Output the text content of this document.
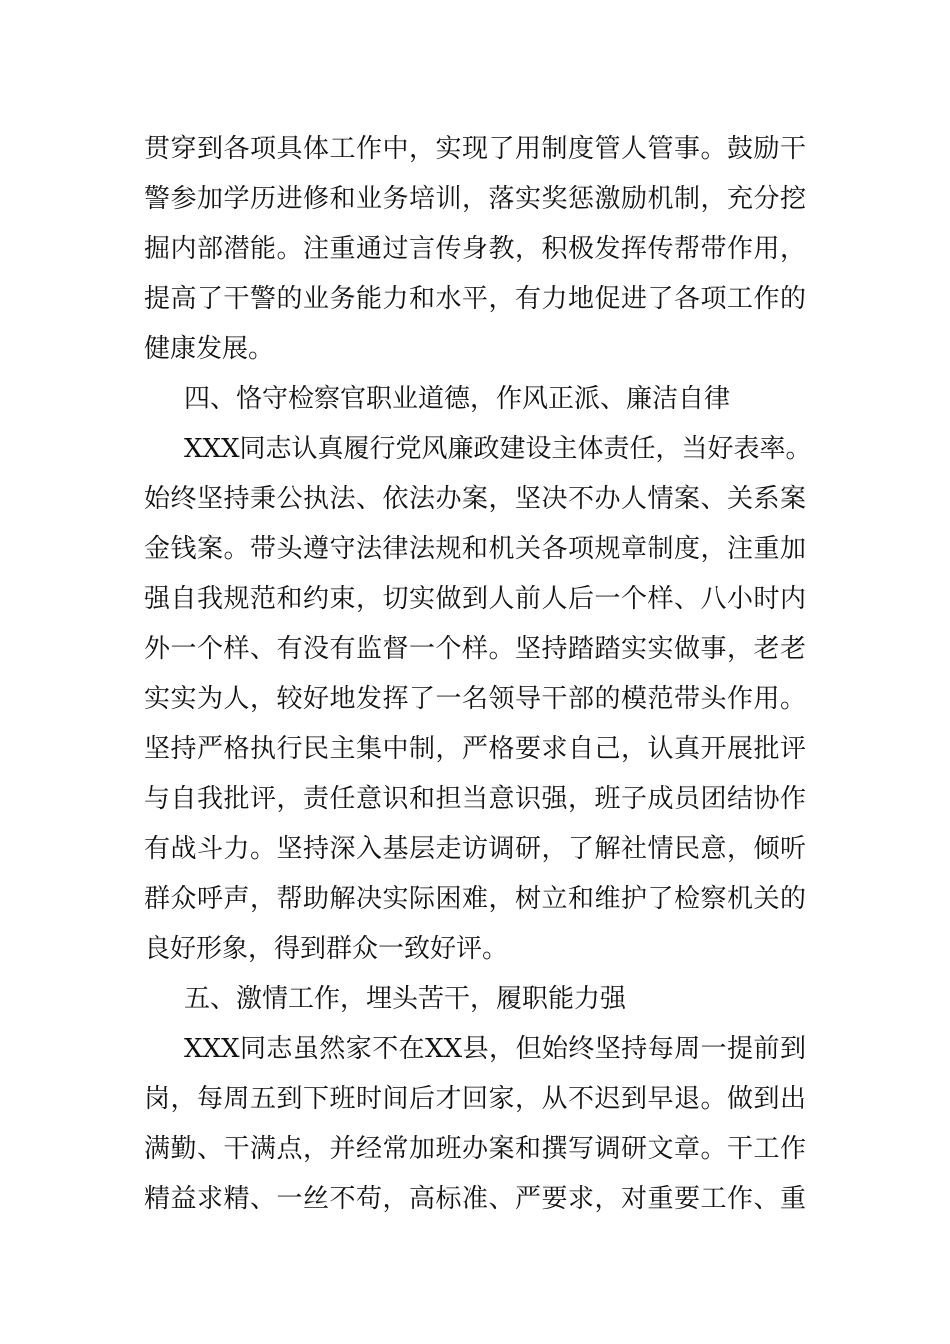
贯穿到各项具体工作中，实现了用制度管人管事。鼓励干
警参加学历进修和业务培训，落实奖惩激励机制，充分挖
掘内部潜能。注重通过言传身教，积极发挥传帮带作用，
提高了干警的业务能力和水平，有力地促进了各项工作的
健康发展。
四、恪守检察官职业道德，作风正派、廉洁自律
XXX同志认真履行党风廉政建设主体责任，当好表率。
始终坚持秉公执法、依法办案，坚决不办人情案、关系案
金钱案。带头遵守法律法规和机关各项规章制度，注重加
强自我规范和约束，切实做到人前人后一个样、八小时内
外一个样、有没有监督一个样。坚持踏踏实实做事，老老
实实为人，较好地发挥了一名领导干部的模范带头作用。
坚持严格执行民主集中制，严格要求自己，认真开展批评
与自我批评，责任意识和担当意识强，班子成员团结协作
有战斗力。坚持深入基层走访调研，了解社情民意，倾听
群众呼声，帮助解决实际困难，树立和维护了检察机关的
良好形象，得到群众一致好评。
五、激情工作，埋头苦干，履职能力强
XXX同志虽然家不在XX县，但始终坚持每周一提前到
岗，每周五到下班时间后才回家，从不迟到早退。做到出
满勤、干满点，并经常加班办案和撰写调研文章。干工作
精益求精、一丝不苟，高标准、严要求，对重要工作、重
